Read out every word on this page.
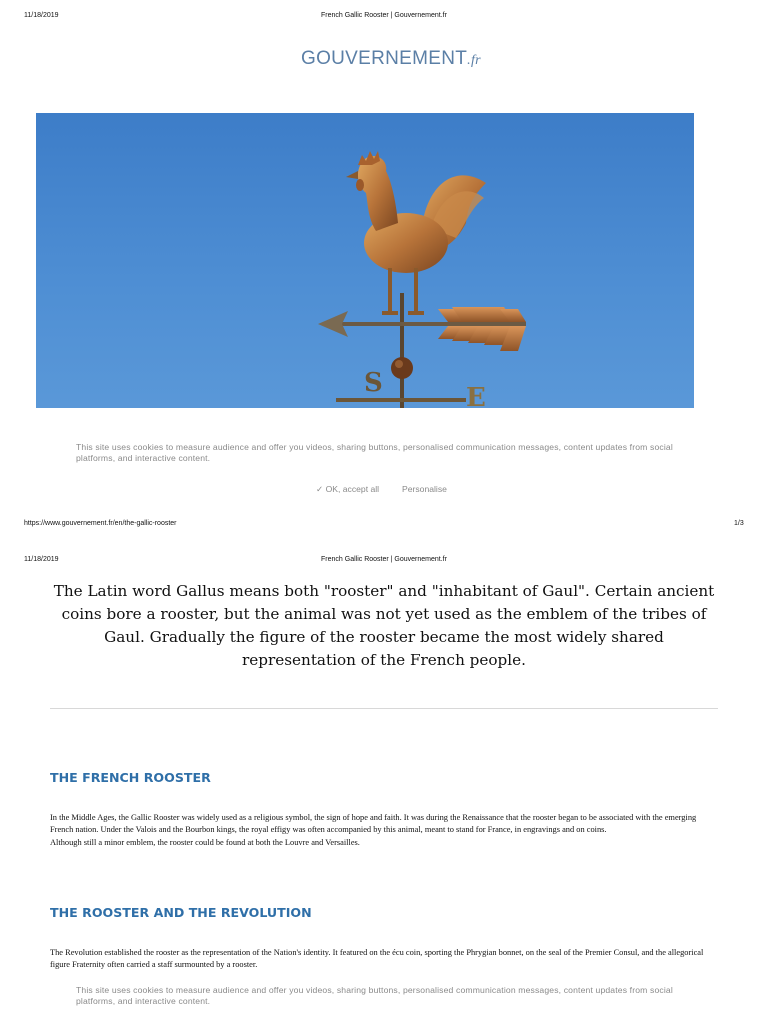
11/18/2019	French Gallic Rooster | Gouvernement.fr
GOUVERNEMENT.fr
S	E
This site uses cookies to measure audience and offer you videos, sharing buttons, personalised communication messages, content updates from social platforms, and interactive content.
✓ OK, accept all	Personalise
https://www.gouvernement.fr/en/the-gallic-rooster	1/3
11/18/2019	French Gallic Rooster | Gouvernement.fr
The Latin word Gallus means both "rooster" and "inhabitant of Gaul". Certain ancient coins bore a rooster, but the animal was not yet used as the emblem of the tribes of Gaul. Gradually the figure of the rooster became the most widely shared representation of the French people.
THE FRENCH ROOSTER
In the Middle Ages, the Gallic Rooster was widely used as a religious symbol, the sign of hope and faith. It was during the Renaissance that the rooster began to be associated with the emerging French nation. Under the Valois and the Bourbon kings, the royal effigy was often accompanied by this animal, meant to stand for France, in engravings and on coins.
Although still a minor emblem, the rooster could be found at both the Louvre and Versailles.
THE ROOSTER AND THE REVOLUTION
The Revolution established the rooster as the representation of the Nation's identity. It featured on the écu coin, sporting the Phrygian bonnet, on the seal of the Premier Consul, and the allegorical figure Fraternity often carried a staff surmounted by a rooster.
This site uses cookies to measure audience and offer you videos, sharing buttons, personalised communication messages, content updates from social platforms, and interactive content.
